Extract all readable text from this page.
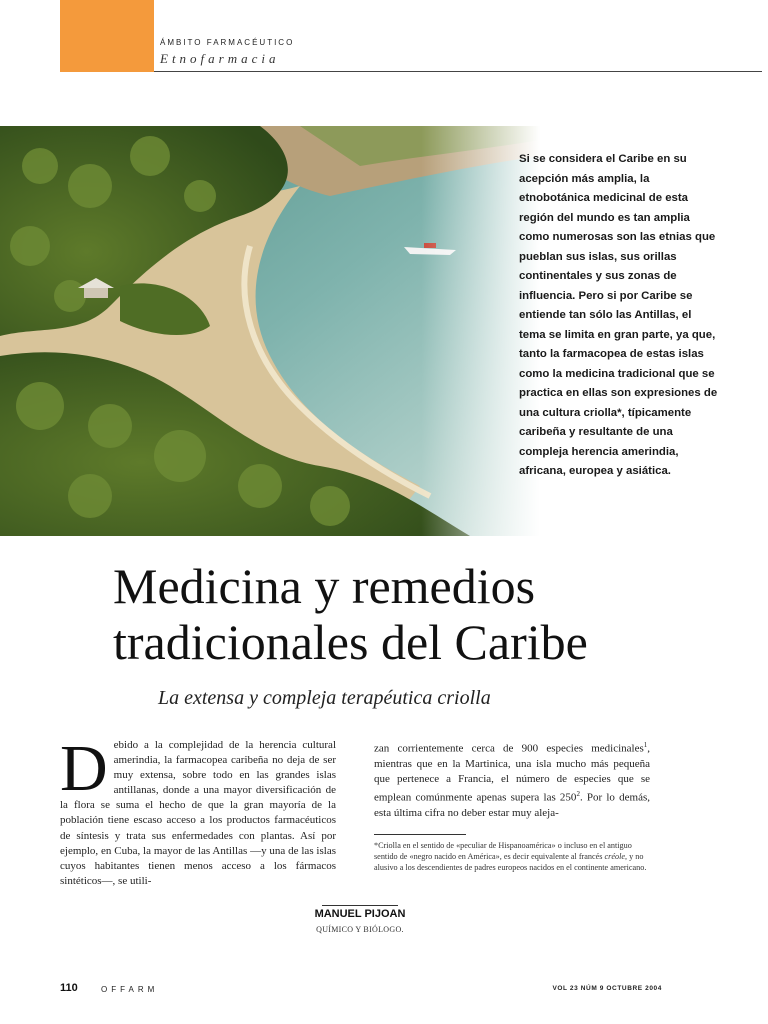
ÁMBITO FARMACÉUTICO
Etnofarmacia

Si se considera el Caribe en su acepción más amplia, la etnobotánica medicinal de esta región del mundo es tan amplia como numerosas son las etnias que pueblan sus islas, sus orillas continentales y sus zonas de influencia. Pero si por Caribe se entiende tan sólo las Antillas, el tema se limita en gran parte, ya que, tanto la farmacopea de estas islas como la medicina tradicional que se practica en ellas son expresiones de una cultura criolla*, típicamente caribeña y resultante de una compleja herencia amerindia, africana, europea y asiática.

Medicina y remedios
tradicionales del Caribe
La extensa y compleja terapéutica criolla

Debido a la complejidad de la herencia cultural amerindia, la farmacopea caribeña no deja de ser muy extensa, sobre todo en las grandes islas antillanas, donde a una mayor diversificación de la flora se suma el hecho de que la gran mayoría de la población tiene escaso acceso a los productos farmacéuticos de síntesis y trata sus enfermedades con plantas. Así por ejemplo, en Cuba, la mayor de las Antillas —y una de las islas cuyos habitantes tienen menos acceso a los fármacos sintéticos—, se utili-

zan corrientemente cerca de 900 especies medicinales$^1$, mientras que en la Martinica, una isla mucho más pequeña que pertenece a Francia, el número de especies que se emplean comúnmente apenas supera las $250^2$. Por lo demás, esta última cifra no deber estar muy aleja-

*Criolla en el sentido de «peculiar de Hispanoamérica» o incluso en el antiguo sentido de «negro nacido en América», es decir equivalente al francés créole, y no alusivo a los descendientes de padres europeos nacidos en el continente americano.

MANUEL PIJOAN
QUÍMICO Y BIÓLOGO.
110	OFFARM	VOL 23 NÚM 9 OCTUBRE 2004
